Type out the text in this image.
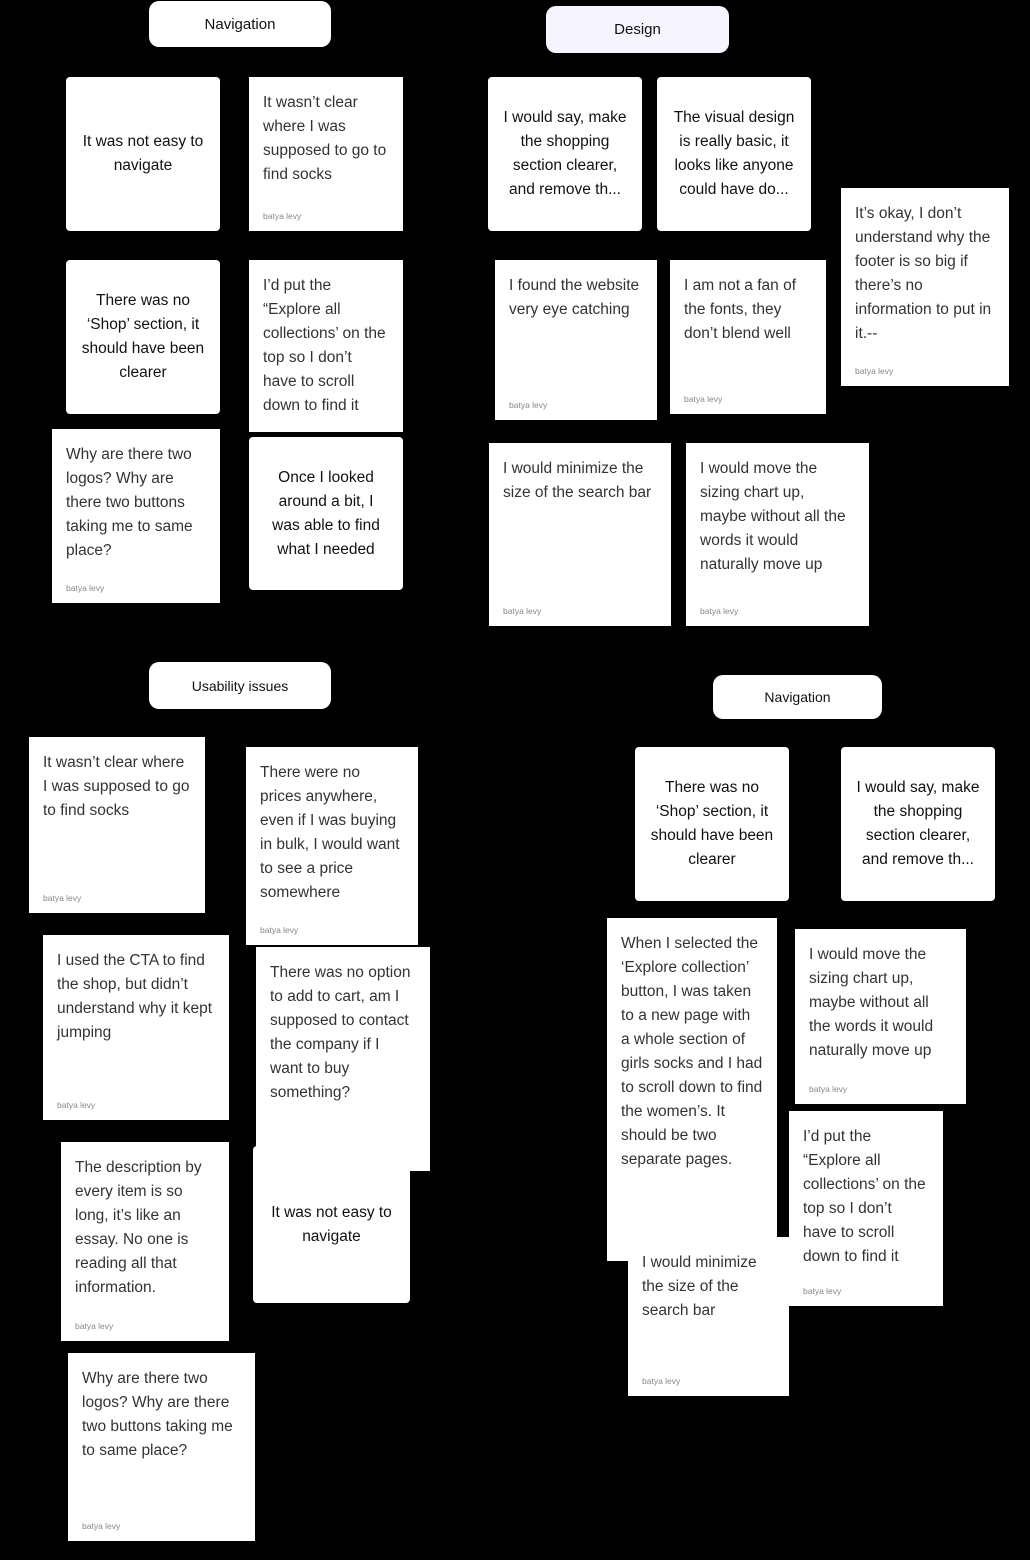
Navigation	Design
Usability issues
Navigation
It was not easy to navigate
It wasn’t clear where I was supposed to go to find socks
batya levy
There was no ‘Shop’ section, it should have been clearer
I’d put the “Explore all collections’ on the top so I don’t have to scroll down to find it
Why are there two logos? Why are there two buttons taking me to same place?
batya levy
Once I looked around a bit, I was able to find what I needed
I would say, make the shopping section clearer, and remove th...
The visual design is really basic, it looks like anyone could have do...
It’s okay, I don’t understand why the footer is so big if there’s no information to put in it.--
batya levy
I found the website very eye catching
batya levy
I am not a fan of the fonts, they don’t blend well
batya levy
I would minimize the size of the search bar
batya levy
I would move the sizing chart up, maybe without all the words it would naturally move up
batya levy
It wasn’t clear where I was supposed to go to find socks
batya levy
There were no prices anywhere, even if I was buying in bulk, I would want to see a price somewhere
batya levy
I used the CTA to find the shop, but didn’t understand why it kept jumping
batya levy
There was no option to add to cart, am I supposed to contact the company if I want to buy something?
The description by every item is so long, it’s like an essay. No one is reading all that information.
batya levy
It was not easy to navigate
Why are there two logos? Why are there two buttons taking me to same place?
batya levy
There was no ‘Shop’ section, it should have been clearer
I would say, make the shopping section clearer, and remove th...
When I selected the ‘Explore collection’ button, I was taken to a new page with a whole section of girls socks and I had to scroll down to find the women’s. It should be two separate pages.
I would move the sizing chart up, maybe without all the words it would naturally move up
batya levy
I’d put the “Explore all collections’ on the top so I don’t have to scroll down to find it
batya levy
I would minimize the size of the search bar
batya levy
